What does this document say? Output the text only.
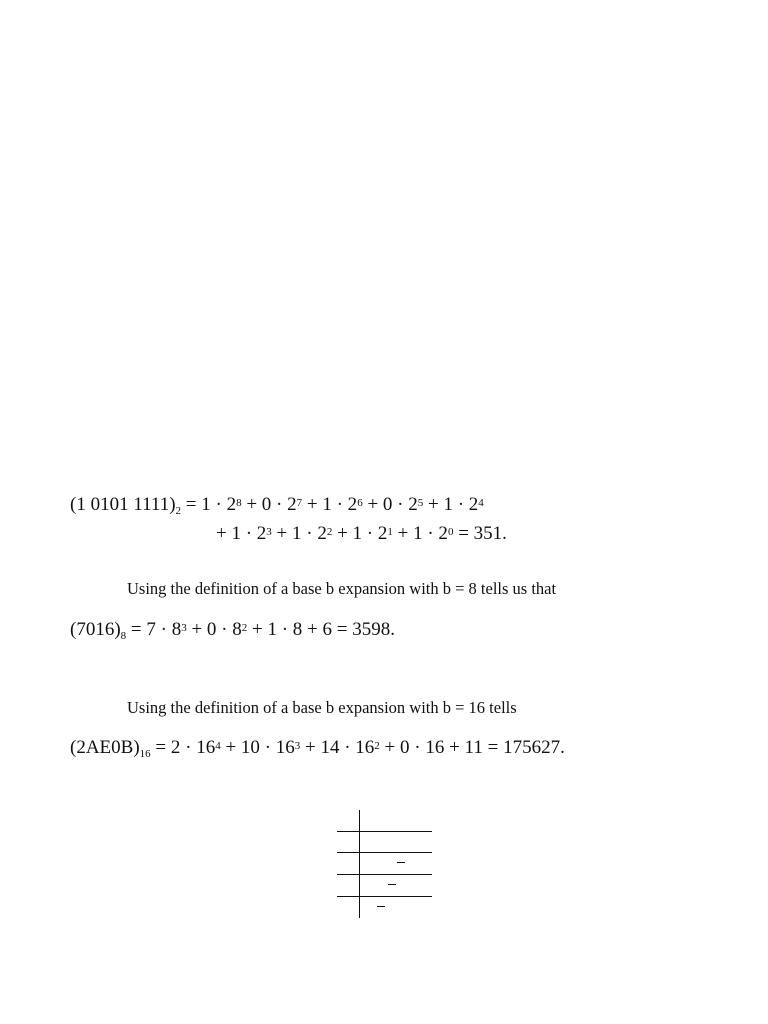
(1 0101 $1111)_2 = 1 \cdot 2^8 + 0 \cdot 2^7 + 1 \cdot 2^6 + 0 \cdot 2^5 + 1 \cdot 2^4$
+ $1 \cdot 2^3 + 1 \cdot 2^2 + 1 \cdot 2^1 + 1 \cdot 2^0 = 351$.
Using the definition of a base b expansion with b = 8 tells us that
$(7016)_8 = 7 \cdot 8^3 + 0 \cdot 8^2 + 1 \cdot 8 + 6 = 3598$.
Using the definition of a base b expansion with b = 16 tells
$(2AE0B)_{16} = 2 \cdot 16^4 + 10 \cdot 16^3 + 14 \cdot 16^2 + 0 \cdot 16 + 11 = 175627$.
